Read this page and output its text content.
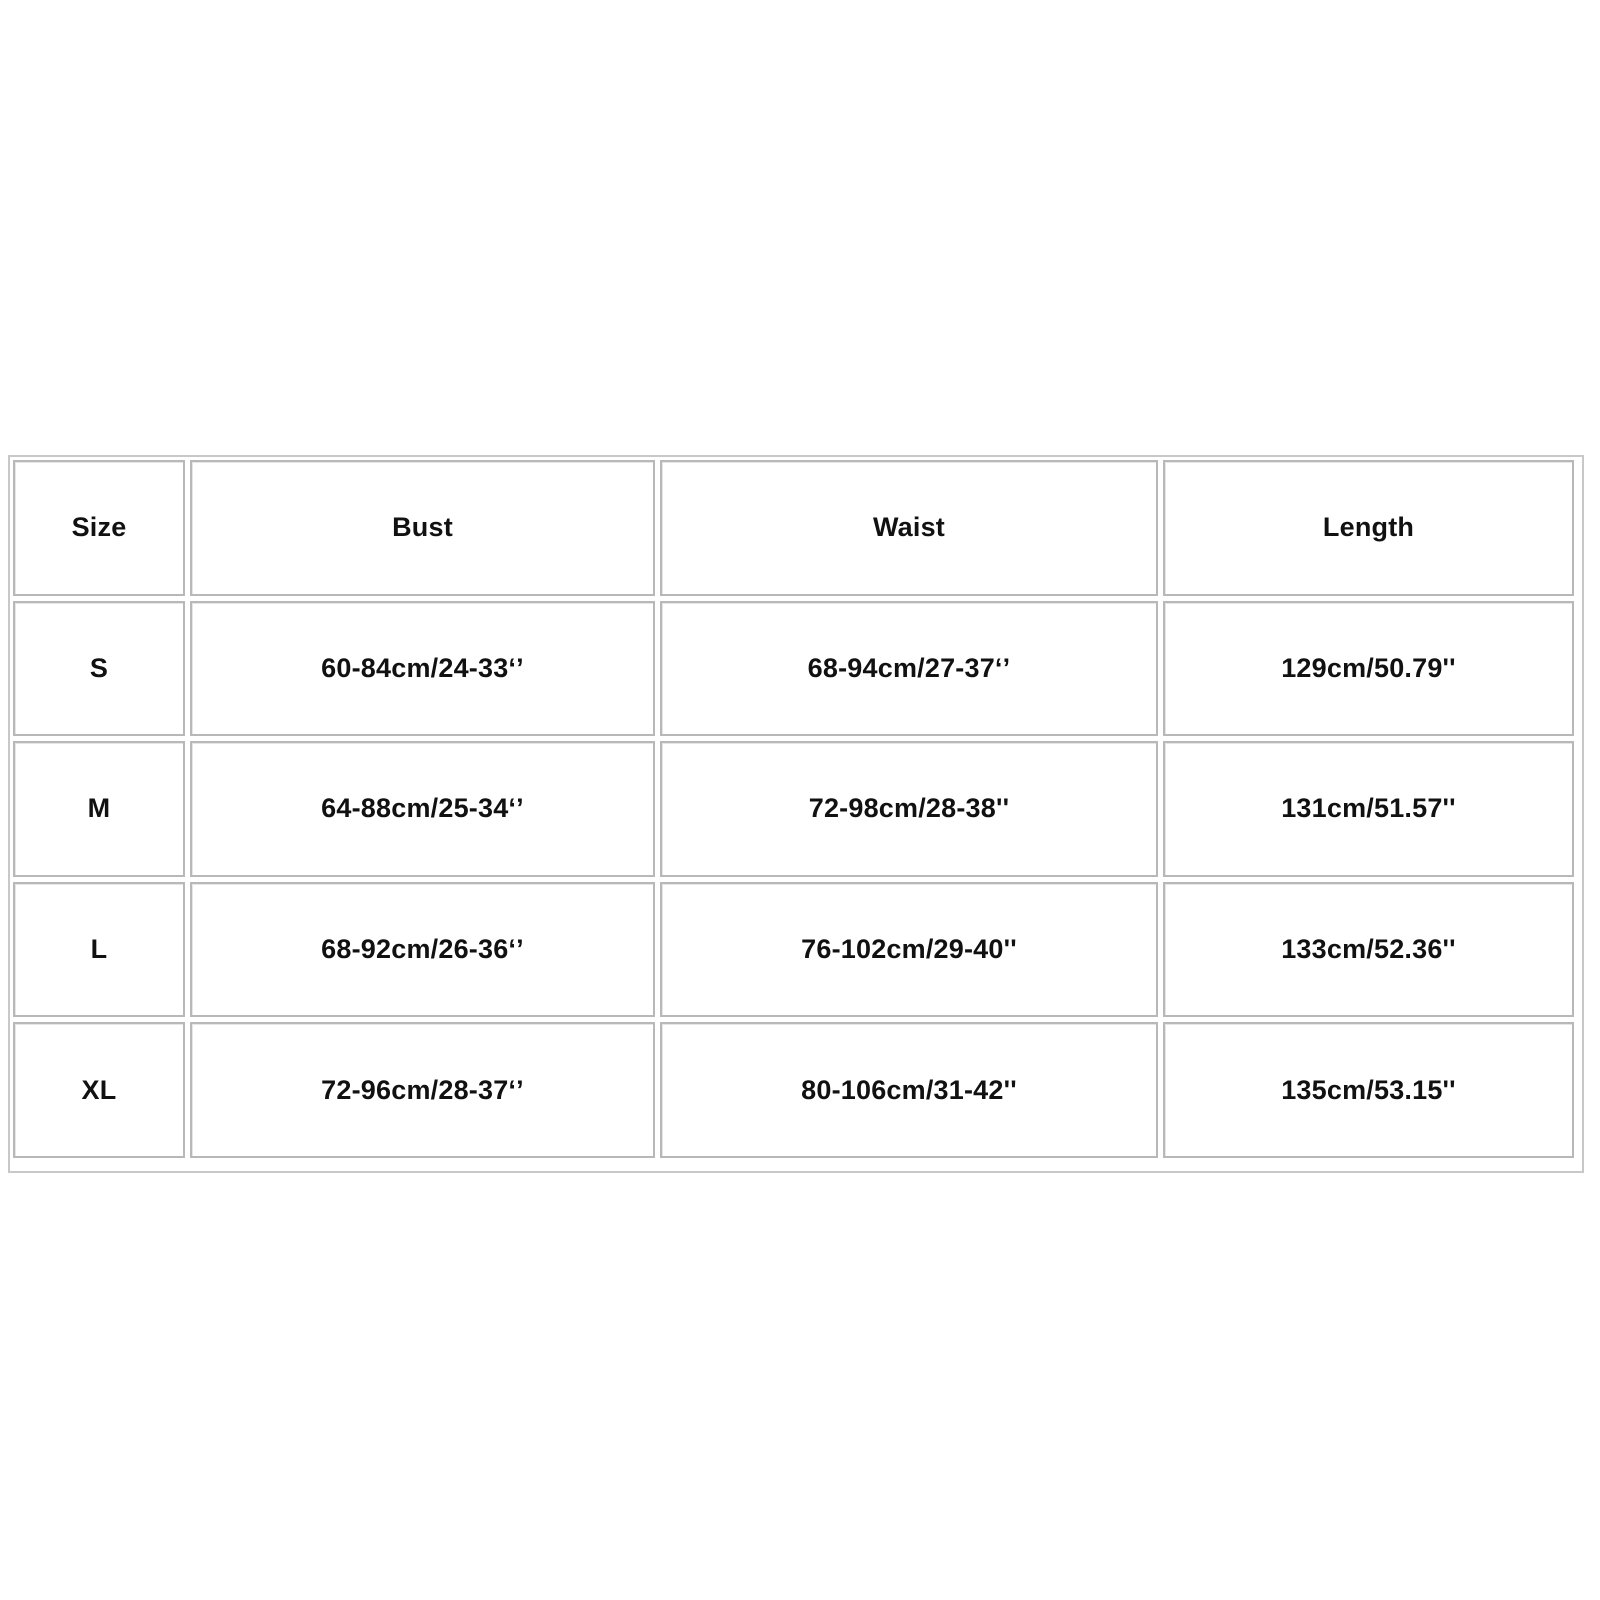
Size	Bust	Waist	Length
S	60-84cm/24-33‘’	68-94cm/27-37‘’	129cm/50.79''
M	64-88cm/25-34‘’	72-98cm/28-38''	131cm/51.57''
L	68-92cm/26-36‘’	76-102cm/29-40''	133cm/52.36''
XL	72-96cm/28-37‘’	80-106cm/31-42''	135cm/53.15''
